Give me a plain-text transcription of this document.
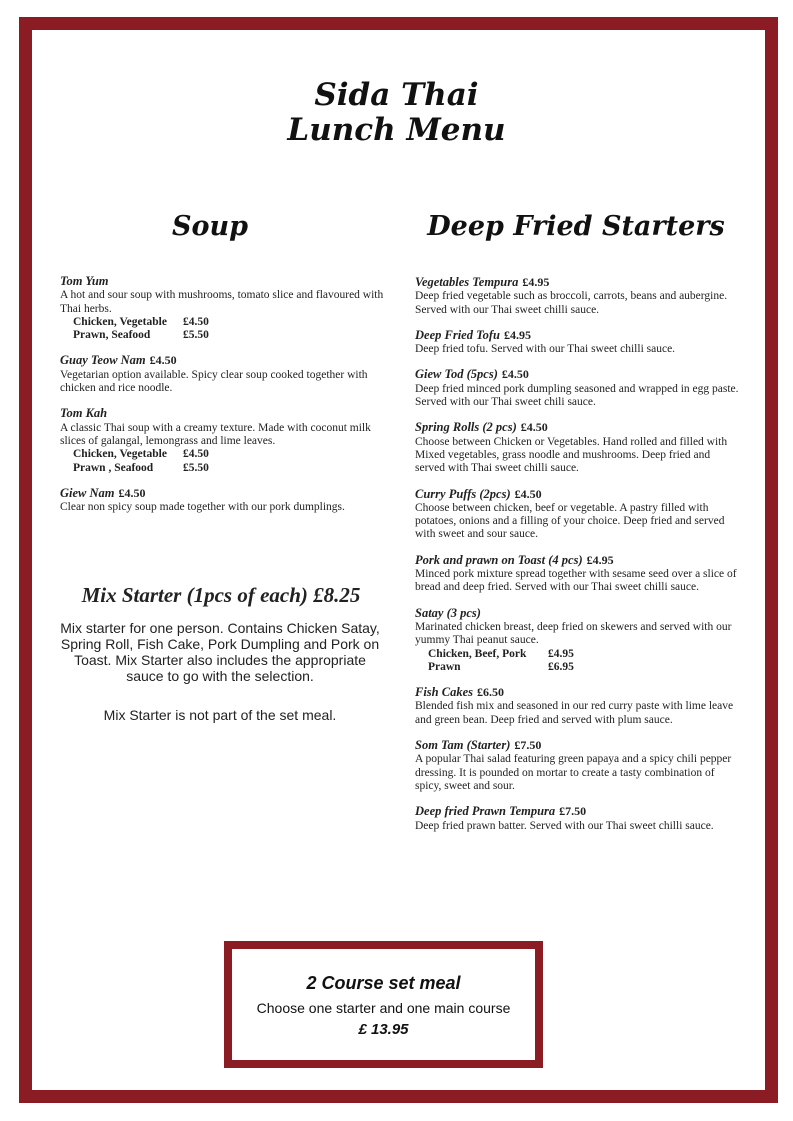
Sida Thai
Lunch Menu
Soup	Deep Fried Starters
Tom Yum
A hot and sour soup with mushrooms, tomato slice and flavoured with Thai herbs.
Chicken, Vegetable £4.50
Prawn, Seafood	£5.50
Guay Teow Nam £4.50
Vegetarian option available. Spicy clear soup cooked together with chicken and rice noodle.
Tom Kah
A classic Thai soup with a creamy texture. Made with coconut milk slices of galangal, lemongrass and lime leaves.
Chicken, Vegetable £4.50
Prawn , Seafood	£5.50
Giew Nam £4.50
Clear non spicy soup made together with our pork dumplings.
Vegetables Tempura £4.95
Deep fried vegetable such as broccoli, carrots, beans and aubergine. Served with our Thai sweet chilli sauce.
Deep Fried Tofu £4.95
Deep fried tofu. Served with our Thai sweet chilli sauce.
Giew Tod (5pcs) £4.50
Deep fried minced pork dumpling seasoned and wrapped in egg paste. Served with our Thai sweet chili sauce.
Spring Rolls (2 pcs) £4.50
Choose between Chicken or Vegetables. Hand rolled and filled with Mixed vegetables, grass noodle and mushrooms. Deep fried and served with Thai sweet chilli sauce.
Curry Puffs (2pcs) £4.50
Choose between chicken, beef or vegetable. A pastry filled with potatoes, onions and a filling of your choice. Deep fried and served with sweet and sour sauce.
Pork and prawn on Toast (4 pcs) £4.95
Minced pork mixture spread together with sesame seed over a slice of bread and deep fried. Served with our Thai sweet chilli sauce.
Satay (3 pcs)
Marinated chicken breast, deep fried on skewers and served with our yummy Thai peanut sauce.
Chicken, Beef, Pork £4.95
Prawn	£6.95
Fish Cakes £6.50
Blended fish mix and seasoned in our red curry paste with lime leave and green bean. Deep fried and served with plum sauce.
Som Tam (Starter) £7.50
A popular Thai salad featuring green papaya and a spicy chili pepper dressing. It is pounded on mortar to create a tasty combination of spicy, sweet and sour.
Deep fried Prawn Tempura £7.50
Deep fried prawn batter. Served with our Thai sweet chilli sauce.
Mix Starter (1pcs of each) £8.25
Mix starter for one person. Contains Chicken Satay, Spring Roll, Fish Cake, Pork Dumpling and Pork on Toast. Mix Starter also includes the appropriate sauce to go with the selection.
Mix Starter is not part of the set meal.
2 Course set meal
Choose one starter and one main course
£ 13.95
